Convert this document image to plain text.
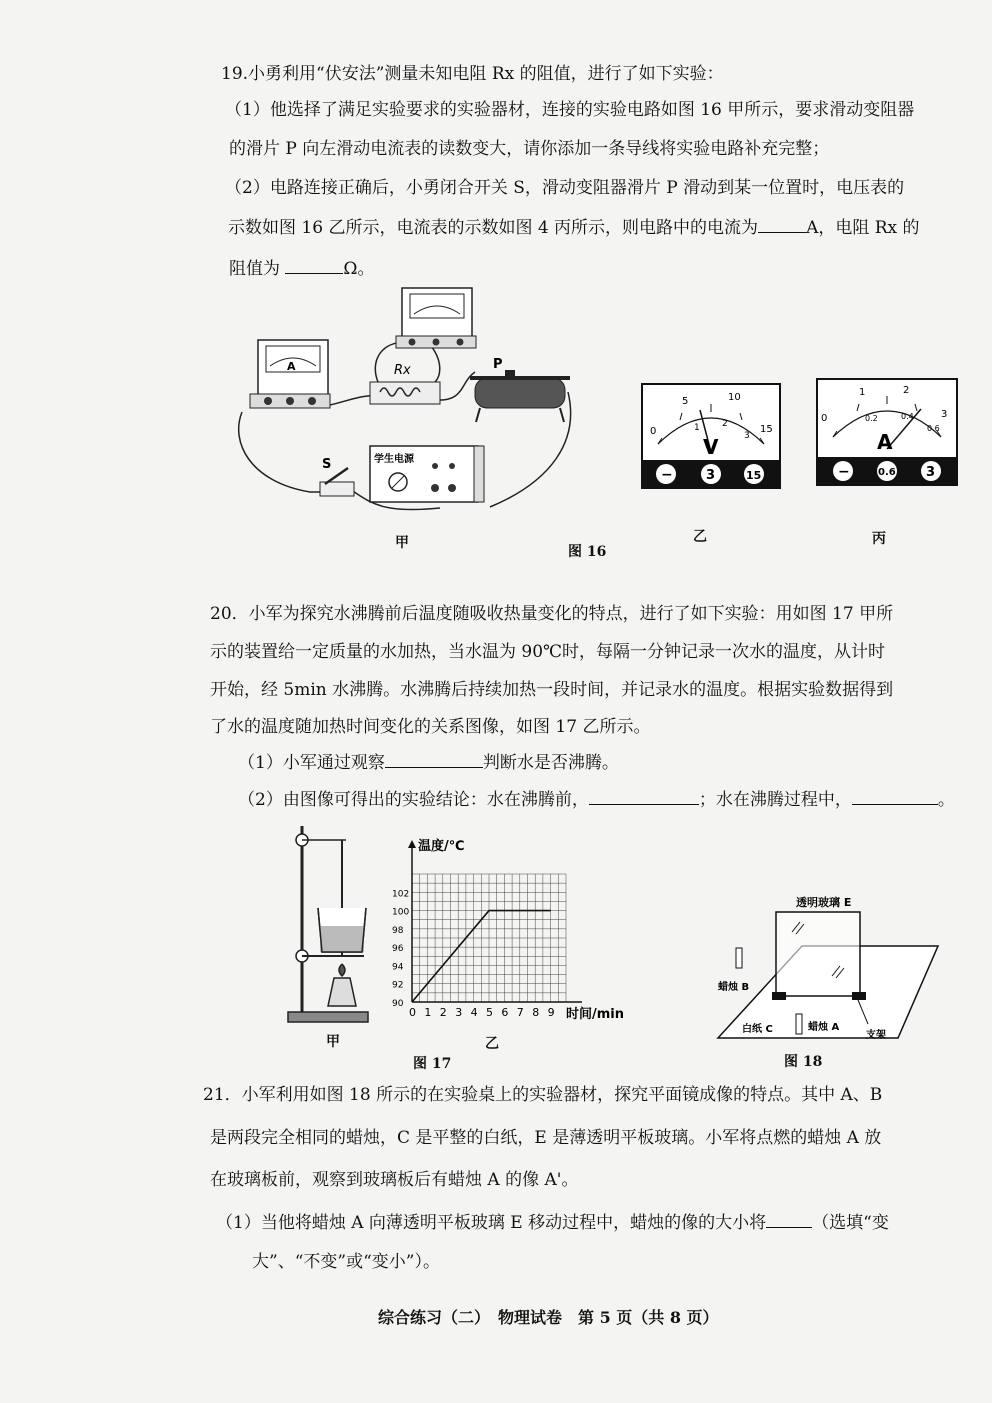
19.小勇利用“伏安法”测量未知电阻 Rx 的阻值，进行了如下实验：
（1）他选择了满足实验要求的实验器材，连接的实验电路如图 16 甲所示，要求滑动变阻器
的滑片 P 向左滑动电流表的读数变大，请你添加一条导线将实验电路补充完整；
（2）电路连接正确后，小勇闭合开关 S，滑动变阻器滑片 P 滑动到某一位置时，电压表的
示数如图 16 乙所示，电流表的示数如图 4 丙所示，则电路中的电流为	A，电阻 Rx 的
阻值为	Ω。
A	Rx	P
S	学生电源
甲
图 16
0
5	10
15
1 2
3
V
−	3	15
乙
0
1	2
3
0.2	0.4
0.6
A
−	0.6 3
丙
20．小军为探究水沸腾前后温度随吸收热量变化的特点，进行了如下实验：用如图 17 甲所
示的装置给一定质量的水加热，当水温为 90℃时，每隔一分钟记录一次水的温度，从计时
开始，经 5min 水沸腾。水沸腾后持续加热一段时间，并记录水的温度。根据实验数据得到
了水的温度随加热时间变化的关系图像，如图 17 乙所示。
（1）小军通过观察	判断水是否沸腾。
（2）由图像可得出的实验结论：水在沸腾前，	；水在沸腾过程中，	。
甲
0 1 2 3 4 5 6 7 8 9
90
92
94
96
98
100
102
温度/℃
时间/min
乙
图 17
透明玻璃 E
蜡烛 B
白纸 C	蜡烛 A
支架
图 18
21．小军利用如图 18 所示的在实验桌上的实验器材，探究平面镜成像的特点。其中 A、B
是两段完全相同的蜡烛，C 是平整的白纸，E 是薄透明平板玻璃。小军将点燃的蜡烛 A 放
在玻璃板前，观察到玻璃板后有蜡烛 A 的像 A'。
（1）当他将蜡烛 A 向薄透明平板玻璃 E 移动过程中，蜡烛的像的大小将	（选填“变
大”、“不变”或“变小”）。
综合练习（二）　物理试卷　第 5 页（共 8 页）
